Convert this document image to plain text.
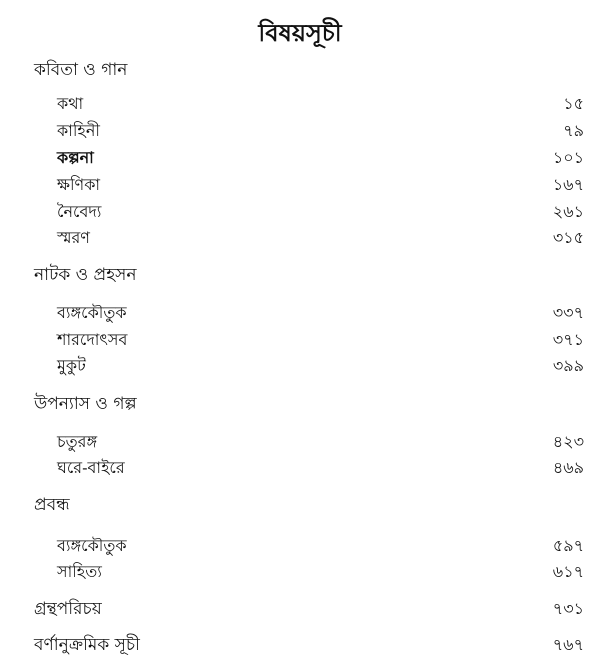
বিষয়সূচী
কবিতা ও গান
কথা	১৫
কাহিনী	৭৯
কল্পনা	১০১
ক্ষণিকা	১৬৭
নৈবেদ্য	২৬১
স্মরণ	৩১৫
নাটক ও প্রহসন
ব্যঙ্গকৌতুক	৩৩৭
শারদোৎসব	৩৭১
মুকুট	৩৯৯
উপন্যাস ও গল্প
চতুরঙ্গ	৪২৩
ঘরে-বাইরে	৪৬৯
প্রবন্ধ
ব্যঙ্গকৌতুক	৫৯৭
সাহিত্য	৬১৭
গ্রন্থপরিচয়	৭৩১
বর্ণানুক্রমিক সূচী	৭৬৭
